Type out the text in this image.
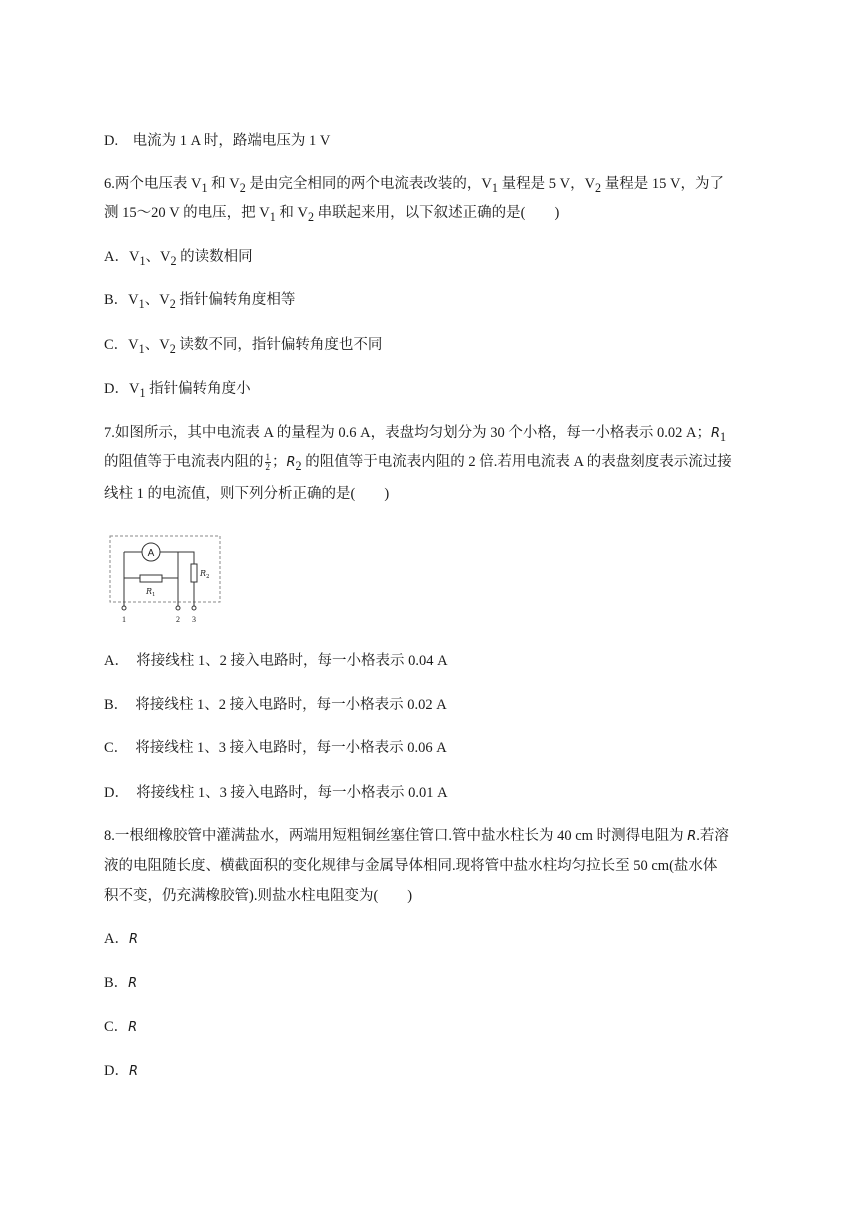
D.　电流为 1 A 时，路端电压为 1 V
6.两个电压表 $V_1$ 和 $V_2$ 是由完全相同的两个电流表改装的，$V_1$ 量程是 5 V，$V_2$ 量程是 15 V，为了
测 15～20 V 的电压，把 $V_1$ 和 $V_2$ 串联起来用，以下叙述正确的是(　　)
A．$V_1$、$V_2$ 的读数相同
B．$V_1$、$V_2$ 指针偏转角度相等
C．$V_1$、$V_2$ 读数不同，指针偏转角度也不同
D．$V_1$ 指针偏转角度小
7.如图所示，其中电流表 A 的量程为 0.6 A，表盘均匀划分为 30 个小格，每一小格表示 0.02 A；$R_1$
的阻值等于电流表内阻的 $\frac{1}{2}$ ；$R_2$ 的阻值等于电流表内阻的 2 倍.若用电流表 A 的表盘刻度表示流过接
线柱 1 的电流值，则下列分析正确的是(　　)
A
R 1
R 2
1	2 3
A．　将接线柱 1、2 接入电路时，每一小格表示 0.04 A
B．　将接线柱 1、2 接入电路时，每一小格表示 0.02 A
C．　将接线柱 1、3 接入电路时，每一小格表示 0.06 A
D．　将接线柱 1、3 接入电路时，每一小格表示 0.01 A
8.一根细橡胶管中灌满盐水，两端用短粗铜丝塞住管口.管中盐水柱长为 40 cm 时测得电阻为 R.若溶
液的电阻随长度、横截面积的变化规律与金属导体相同.现将管中盐水柱均匀拉长至 50 cm(盐水体
积不变，仍充满橡胶管).则盐水柱电阻变为(　　)
A．R
B．R
C．R
D．R
